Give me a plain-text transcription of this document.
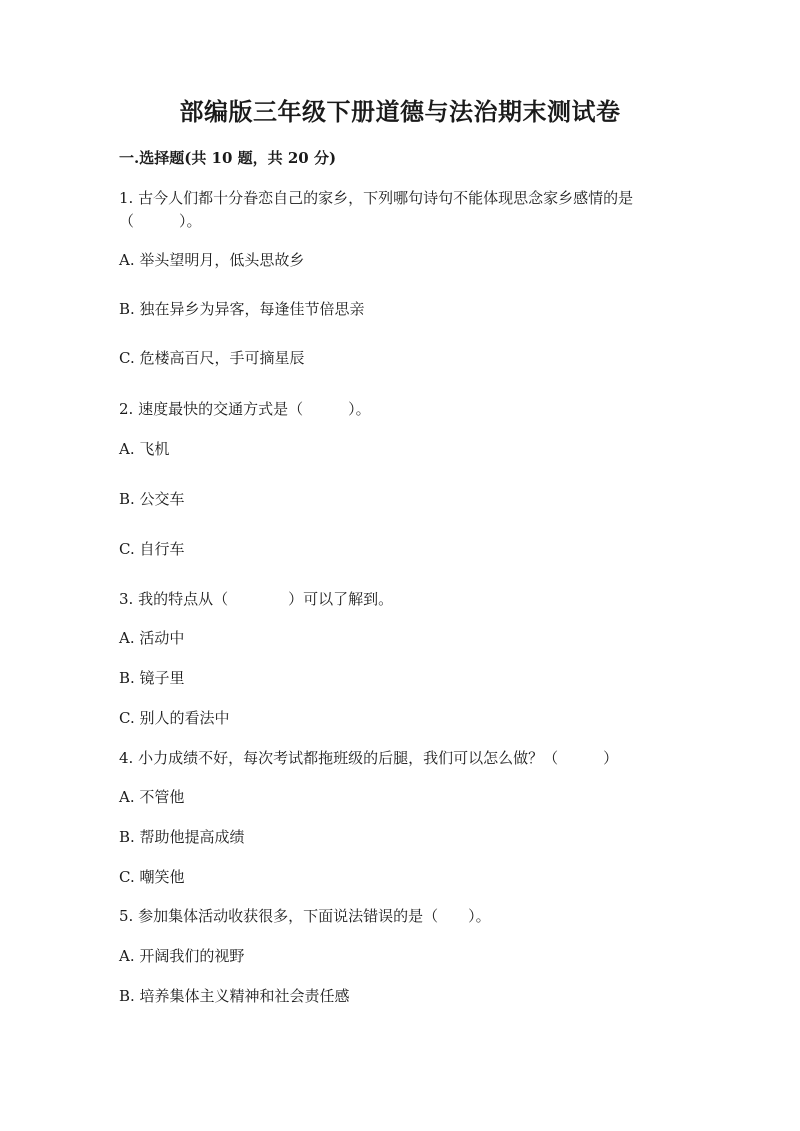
部编版三年级下册道德与法治期末测试卷
一.选择题(共 10 题，共 20 分)
1. 古今人们都十分眷恋自己的家乡，下列哪句诗句不能体现思念家乡感情的是
（　　　）。
A. 举头望明月，低头思故乡
B. 独在异乡为异客，每逢佳节倍思亲
C. 危楼高百尺，手可摘星辰
2. 速度最快的交通方式是（　　　）。
A. 飞机
B. 公交车
C. 自行车
3. 我的特点从（　　　　）可以了解到。
A. 活动中
B. 镜子里
C. 别人的看法中
4. 小力成绩不好，每次考试都拖班级的后腿，我们可以怎么做？（　　　）
A. 不管他
B. 帮助他提高成绩
C. 嘲笑他
5. 参加集体活动收获很多，下面说法错误的是（　　）。
A. 开阔我们的视野
B. 培养集体主义精神和社会责任感
